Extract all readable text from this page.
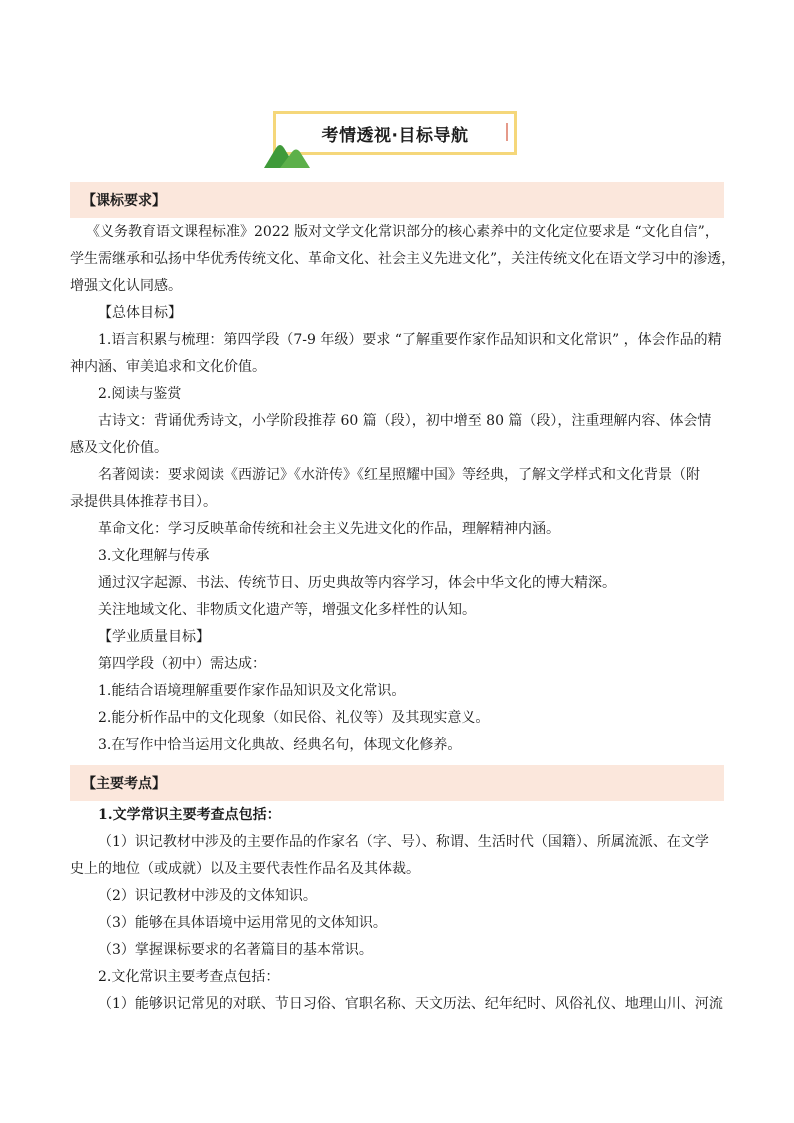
考情透视·目标导航
【课标要求】
《义务教育语文课程标准》2022 版对文学文化常识部分的核心素养中的文化定位要求是 “文化自信”，
学生需继承和弘扬中华优秀传统文化、革命文化、社会主义先进文化”，关注传统文化在语文学习中的渗透，
增强文化认同感。
【总体目标】
1.语言积累与梳理：第四学段（7-9 年级）要求 “了解重要作家作品知识和文化常识” ，体会作品的精
神内涵、审美追求和文化价值。
2.阅读与鉴赏
古诗文：背诵优秀诗文，小学阶段推荐 60 篇（段），初中增至 80 篇（段），注重理解内容、体会情
感及文化价值。
名著阅读：要求阅读《西游记》《水浒传》《红星照耀中国》等经典，了解文学样式和文化背景（附
录提供具体推荐书目）。
革命文化：学习反映革命传统和社会主义先进文化的作品，理解精神内涵。
3.文化理解与传承
通过汉字起源、书法、传统节日、历史典故等内容学习，体会中华文化的博大精深。
关注地域文化、非物质文化遗产等，增强文化多样性的认知。
【学业质量目标】
第四学段（初中）需达成：
1.能结合语境理解重要作家作品知识及文化常识。
2.能分析作品中的文化现象（如民俗、礼仪等）及其现实意义。
3.在写作中恰当运用文化典故、经典名句，体现文化修养。
【主要考点】
1.文学常识主要考查点包括：
（1）识记教材中涉及的主要作品的作家名（字、号）、称谓、生活时代（国籍）、所属流派、在文学
史上的地位（或成就）以及主要代表性作品名及其体裁。
（2）识记教材中涉及的文体知识。
（3）能够在具体语境中运用常见的文体知识。
（3）掌握课标要求的名著篇目的基本常识。
2.文化常识主要考查点包括：
（1）能够识记常见的对联、节日习俗、官职名称、天文历法、纪年纪时、风俗礼仪、地理山川、河流
